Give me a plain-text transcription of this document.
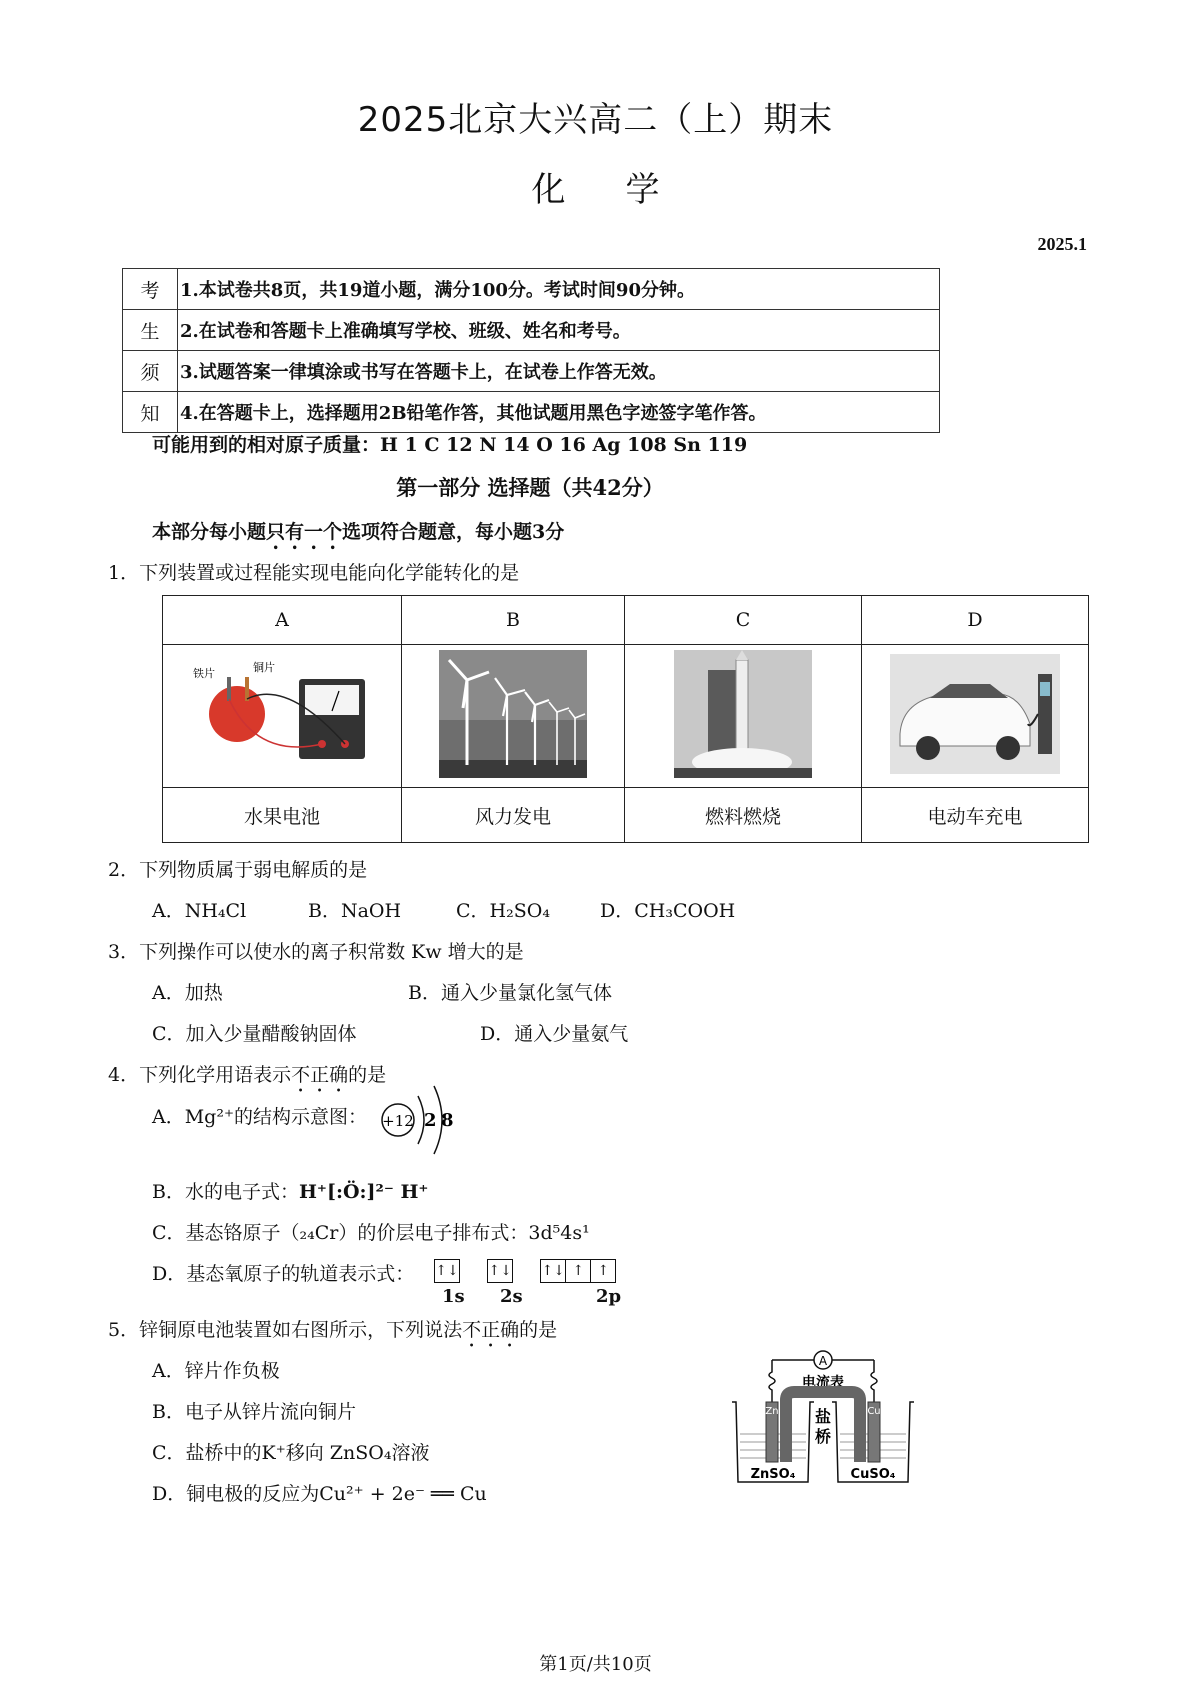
2025北京大兴高二（上）期末
化学
2025.1
考	1.本试卷共8页，共19道小题，满分100分。考试时间90分钟。
生	2.在试卷和答题卡上准确填写学校、班级、姓名和考号。
须	3.试题答案一律填涂或书写在答题卡上，在试卷上作答无效。
知	4.在答题卡上，选择题用2B铅笔作答，其他试题用黑色字迹签字笔作答。
可能用到的相对原子质量：H 1 C 12 N 14 O 16 Ag 108 Sn 119
第一部分 选择题（共42分）
本部分每小题只有一个选项符合题意，每小题3分
1．下列装置或过程能实现电能向化学能转化的是
A	B	C	D

铁片 铜片

水果电池	风力发电	燃料燃烧	电动车充电
2．下列物质属于弱电解质的是
A．NH₄Cl	B．NaOH	C．H₂SO₄	D．CH₃COOH
3．下列操作可以使水的离子积常数 Kw 增大的是
A．加热	B．通入少量氯化氢气体
C．加入少量醋酸钠固体	D．通入少量氨气
4．下列化学用语表示不正确的是
A．Mg²⁺的结构示意图： +12 2 8
B．水的电子式：H⁺[:Ö:]²⁻ H⁺
C．基态铬原子（₂₄Cr）的价层电子排布式：3d⁵4s¹
D．基态氧原子的轨道表示式： ↑↓ ↑↓ ↑↓ ↑ ↑
1s 2s	2p
5．锌铜原电池装置如右图所示，下列说法不正确的是
A．锌片作负极
B．电子从锌片流向铜片
C．盐桥中的K⁺移向 ZnSO₄溶液
D．铜电极的反应为Cu²⁺ + 2e⁻ ══ Cu
A
电流表
Zn	Cu
盐
桥
ZnSO₄	CuSO₄
第1页/共10页
